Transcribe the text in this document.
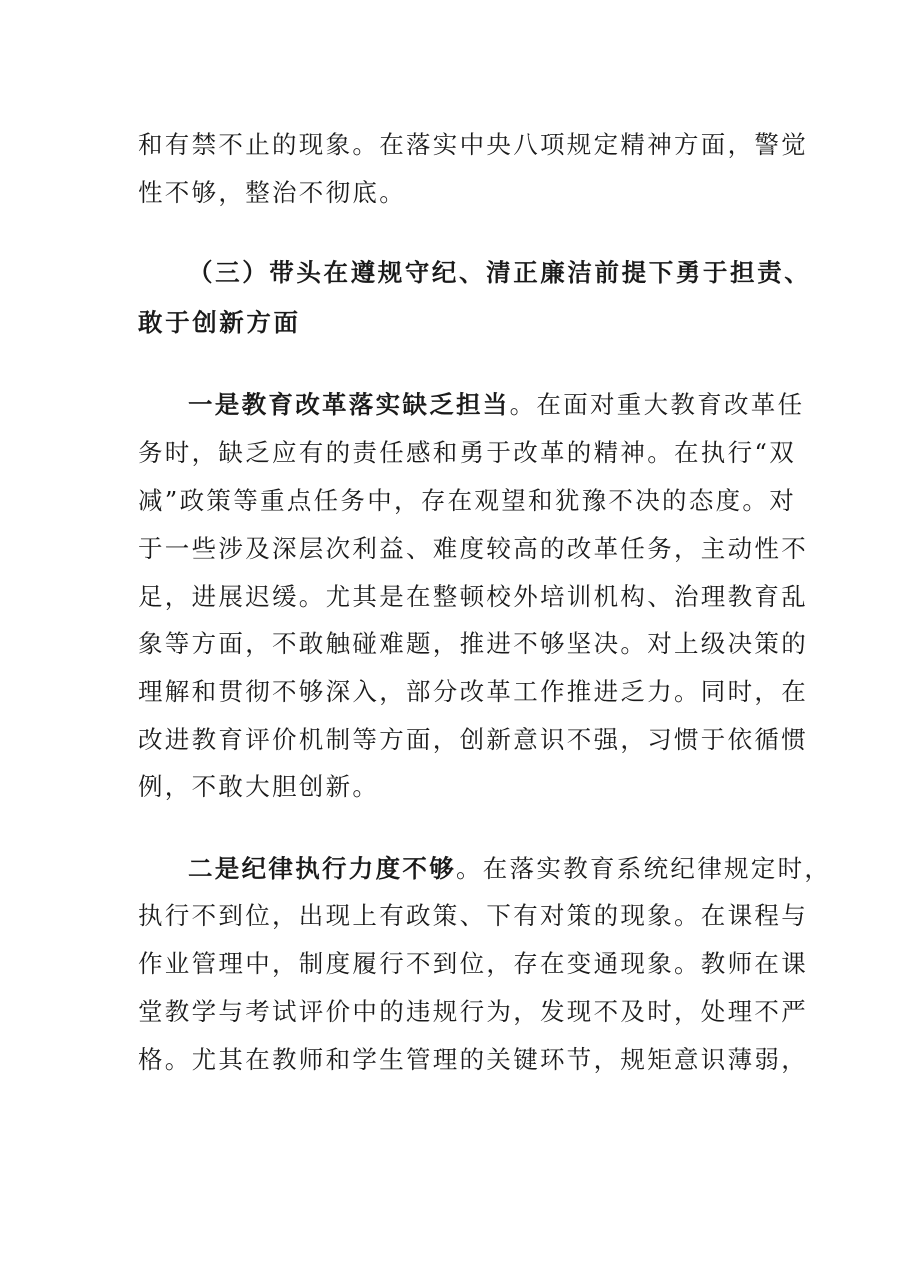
和有禁不止的现象。在落实中央八项规定精神方面，警觉
性不够，整治不彻底。
（三）带头在遵规守纪、清正廉洁前提下勇于担责、
敢于创新方面
一是教育改革落实缺乏担当。在面对重大教育改革任
务时，缺乏应有的责任感和勇于改革的精神。在执行“双
减”政策等重点任务中，存在观望和犹豫不决的态度。对
于一些涉及深层次利益、难度较高的改革任务，主动性不
足，进展迟缓。尤其是在整顿校外培训机构、治理教育乱
象等方面，不敢触碰难题，推进不够坚决。对上级决策的
理解和贯彻不够深入，部分改革工作推进乏力。同时，在
改进教育评价机制等方面，创新意识不强，习惯于依循惯
例，不敢大胆创新。
二是纪律执行力度不够。在落实教育系统纪律规定时，
执行不到位，出现上有政策、下有对策的现象。在课程与
作业管理中，制度履行不到位，存在变通现象。教师在课
堂教学与考试评价中的违规行为，发现不及时，处理不严
格。尤其在教师和学生管理的关键环节，规矩意识薄弱，
